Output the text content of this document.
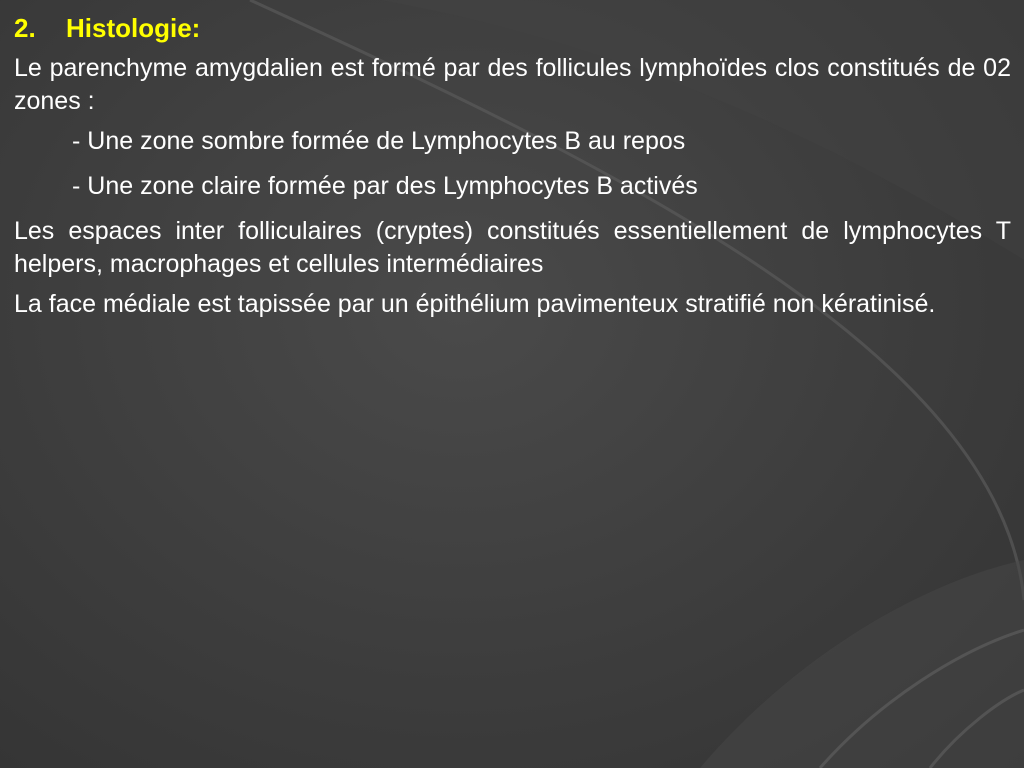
2.	Histologie:

Le parenchyme amygdalien est formé par des follicules lymphoïdes clos constitués de 02 zones :

- Une zone sombre formée de Lymphocytes B au repos

- Une zone claire formée par des Lymphocytes B activés

Les espaces inter folliculaires (cryptes) constitués essentiellement de lymphocytes T helpers, macrophages et cellules intermédiaires

La face médiale est tapissée par un épithélium pavimenteux stratifié non kératinisé.
